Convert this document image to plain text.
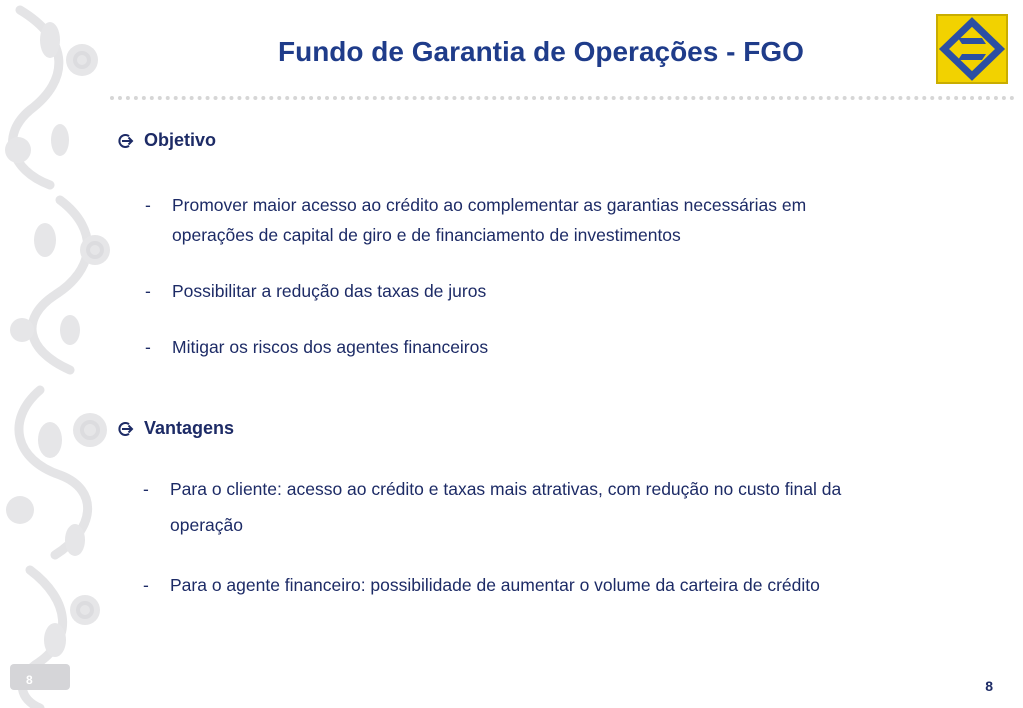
8
Fundo de Garantia de Operações - FGO
Objetivo
- Promover maior acesso ao crédito ao complementar as garantias necessárias em
operações de capital de giro e de financiamento de investimentos
- Possibilitar a redução das taxas de juros
- Mitigar os riscos dos agentes financeiros
Vantagens
- Para o cliente: acesso ao crédito e taxas mais atrativas, com redução no custo final da
operação
- Para o agente financeiro: possibilidade de aumentar o volume da carteira de crédito
8
